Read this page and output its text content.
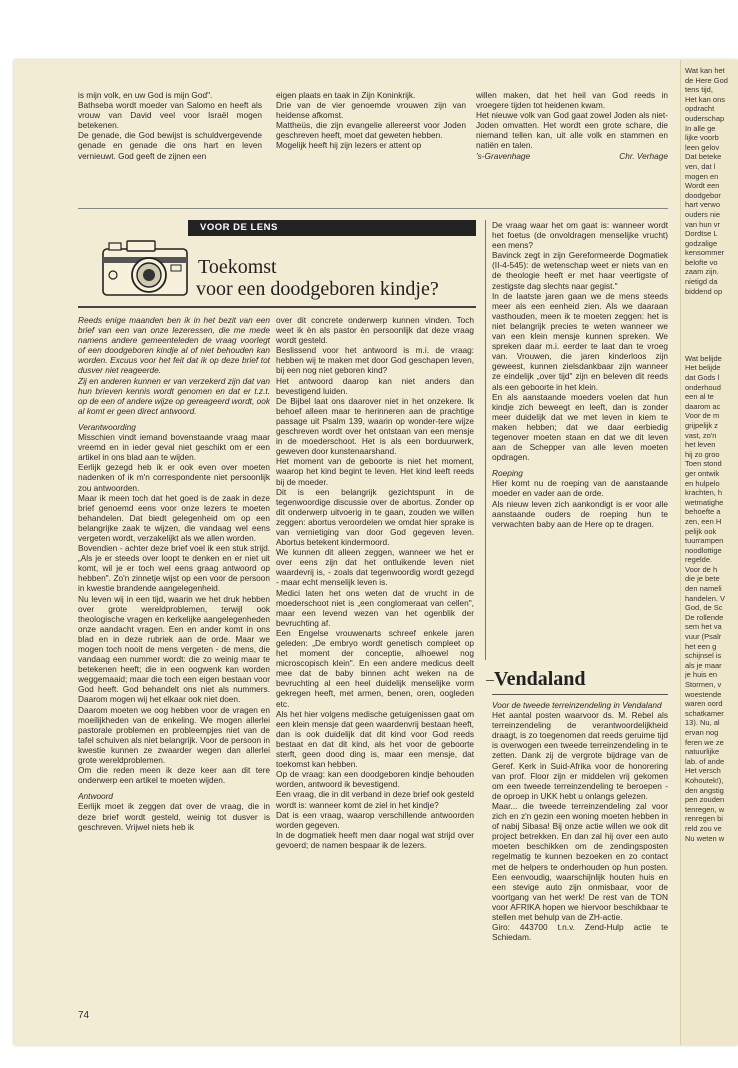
is mijn volk, en uw God is mijn God".

Bathseba wordt moeder van Salomo en heeft als vrouw van David veel voor Israël mogen betekenen.

De genade, die God bewijst is schuldvergevende genade en genade die ons hart en leven vernieuwt. God geeft de zijnen een

eigen plaats en taak in Zijn Koninkrijk.

Drie van de vier genoemde vrouwen zijn van heidense afkomst.

Mattheüs, die zijn evangelie allereerst voor Joden geschreven heeft, moet dat geweten hebben.

Mogelijk heeft hij zijn lezers er attent op

willen maken, dat het heil van God reeds in vroegere tijden tot heidenen kwam.

Het nieuwe volk van God gaat zowel Joden als niet-Joden omvatten. Het wordt een grote schare, die niemand tellen kan, uit alle volk en stammen en natiën en talen.

's-Gravenhage	Chr. Verhage
VOOR DE LENS
Toekomst
voor een doodgeboren kindje?

Reeds enige maanden ben ik in het bezit van een brief van een van onze lezeressen, die me mede namens andere gemeenteleden de vraag voorlegt of een doodgeboren kindje al of niet behouden kan worden. Excuus voor het feit dat ik op deze brief tot dusver niet reageerde.

Zij en anderen kunnen er van verzekerd zijn dat van hun brieven kennis wordt genomen en dat er t.z.t. op de een of andere wijze op gereageerd wordt, ook al komt er geen direct antwoord.

Verantwoording

Misschien vindt iemand bovenstaande vraag maar vreemd en in ieder geval niet geschikt om er een artikel in ons blad aan te wijden.

Eerlijk gezegd heb ik er ook even over moeten nadenken of ik m'n correspondente niet persoonlijk zou antwoorden.

Maar ik meen toch dat het goed is de zaak in deze brief genoemd eens voor onze lezers te moeten behandelen. Dat biedt gelegenheid om op een belangrijke zaak te wijzen, die vandaag wel eens vergeten wordt, verzakelijkt als we allen worden.

Bovendien - achter deze brief voel ik een stuk strijd. „Als je er steeds over loopt te denken en er niet uit komt, wil je er toch wel eens graag antwoord op hebben". Zo'n zinnetje wijst op een voor de persoon in kwestie brandende aangelegenheid.

Nu leven wij in een tijd, waarin we het druk hebben over grote wereldproblemen, terwijl ook theologische vragen en kerkelijke aangelegenheden onze aandacht vragen. Een en ander komt in ons blad en in deze rubriek aan de orde. Maar we mogen toch nooit de mens vergeten - de mens, die vandaag een nummer wordt: die zo weinig maar te betekenen heeft; die in een oogwenk kan worden weggemaaid; maar die toch een eigen bestaan voor God heeft. God behandelt ons niet als nummers. Daarom mogen wij het elkaar ook niet doen.

Daarom moeten we oog hebben voor de vragen en moeilijkheden van de enkeling. We mogen allerlei pastorale problemen en probleempjes niet van de tafel schuiven als niet belangrijk. Voor de persoon in kwestie kunnen ze zwaarder wegen dan allerlei grote wereldproblemen.

Om die reden meen ik deze keer aan dit tere onderwerp een artikel te moeten wijden.

Antwoord

Eerlijk moet ik zeggen dat over de vraag, die in deze brief wordt gesteld, weinig tot dusver is geschreven. Vrijwel niets heb ik

over dit concrete onderwerp kunnen vinden. Toch weet ik èn als pastor èn persoonlijk dat deze vraag wordt gesteld.

Beslissend voor het antwoord is m.i. de vraag: hebben wij te maken met door God geschapen leven, bij een nog niet geboren kind?

Het antwoord daarop kan niet anders dan bevestigend luiden.

De Bijbel laat ons daarover niet in het onzekere. Ik behoef alleen maar te herinneren aan de prachtige passage uit Psalm 139, waarin op wonder-tere wijze geschreven wordt over het ontstaan van een mensje in de moederschoot. Het is als een borduurwerk, geweven door kunstenaarshand.

Het moment van de geboorte is niet het moment, waarop het kind begint te leven. Het kind leeft reeds bij de moeder.

Dit is een belangrijk gezichtspunt in de tegenwoordige discussie over de abortus. Zonder op dit onderwerp uitvoerig in te gaan, zouden we willen zeggen: abortus veroordelen we omdat hier sprake is van vernietiging van door God gegeven leven. Abortus betekent kindermoord.

We kunnen dit alleen zeggen, wanneer we het er over eens zijn dat het ontluikende leven niet waardevrij is, - zoals dat tegenwoordig wordt gezegd - maar echt menselijk leven is.

Medici laten het ons weten dat de vrucht in de moederschoot niet is „een conglomeraat van cellen", maar een levend wezen van het ogenblik der bevruchting af.

Een Engelse vrouwenarts schreef enkele jaren geleden: „De embryo wordt genetisch compleet op het moment der conceptie, alhoewel nog microscopisch klein". En een andere medicus deelt mee dat de baby binnen acht weken na de bevruchting al een heel duidelijk menselijke vorm gekregen heeft, met armen, benen, oren, ooglеden etc.

Als het hier volgens medische getuigenissen gaat om een klein mensje dat geen waardenvrij bestaan heeft, dan is ook duidelijk dat dit kind voor God reeds bestaat en dat dit kind, als het voor de geboorte sterft, geen dood ding is, maar een mensje, dat toekomst kan hebben.

Op de vraag: kan een doodgeboren kindje behouden worden, antwoord ik bevestigend.

Een vraag, die in dit verband in deze brief ook gesteld wordt is: wanneer komt de ziel in het kindje?

Dat is een vraag, waarop verschillende antwoorden worden gegeven.

In de dogmatiek heeft men daar nogal wat strijd over gevoerd; de namen bespaar ik de lezers.

De vraag waar het om gaat is: wanneer wordt het foetus (de onvoldragen menselijke vrucht) een mens?

Bavinck zegt in zijn Gereformeerde Dogmatiek (II-4-545): de wetenschap weet er niets van en de theologie heeft er met haar veertigste of zestigste dag slechts naar gegist."

In de laatste jaren gaan we de mens steeds meer als een eenheid zien. Als we daaraan vasthouden, meen ik te moeten zeggen: het is niet belangrijk precies te weten wanneer we van een klein mensje kunnen spreken. We spreken daar m.i. eerder te laat dan te vroeg van. Vrouwen, die jaren kinderloos zijn geweest, kunnen zielsdankbaar zijn wanneer ze eindelijk „over tijd" zijn en beleven dit reeds als een geboorte in het klein.

En als aanstaande moeders voelen dat hun kindje zich beweegt en leeft, dan is zonder meer duidelijk dat we met leven in kiem te maken hebben; dat we daar eerbiedig tegenover moeten staan en dat we dit leven aan de Schepper van alle leven moeten opdragen.

Roeping

Hier komt nu de roeping van de aanstaande moeder en vader aan de orde.

Als nieuw leven zich aankondigt is er voor alle aanstaande ouders de roeping hun te verwachten baby aan de Here op te dragen.

Vendaland

Voor de tweede terreinzendeling in Vendaland

Het aantal posten waarvoor ds. M. Rebel als terreinzendeling de verantwoordelijkheid draagt, is zo toegenomen dat reeds geruime tijd is overwogen een tweede terreinzendeling in te zetten. Dank zij de vergrote bijdrage van de Geref. Kerk in Suid-Afrika voor de honorering van prof. Floor zijn er middelen vrij gekomen om een tweede terreinzendeling te beroepen - de oproep in UKK hebt u onlangs gelezen.

Maar... die tweede terreinzendeling zal voor zich en z'n gezin een woning moeten hebben in of nabij Sibasa! Bij onze actie willen we ook dit project betrekken. En dan zal hij over een auto moeten beschikken om de zendingsposten regelmatig te kunnen bezoeken en zo contact met de helpers te onderhouden op hun posten. Een eenvoudig, waarschijnlijk houten huis en een stevige auto zijn onmisbaar, voor de voortgang van het werk! De rest van de TON voor AFRIKA hopen we hiervoor beschikbaar te stellen met behulp van de ZH-actie.

Giro: 443700 t.n.v. Zend-Hulp actie te Schiedam.

74
Wat kan het
de Here God
tens tijd,
Het kan ons
opdracht
ouderschap
In alle ge
lijke voorb
leen gelov
Dat beteke
ven, dat l
mogen en
Wordt een
doodgebor
hart verwo
ouders nie
van hun vr
Dordtse L
godzalige
kensommer
belofte vo
zaam zijn.
nietigd da
biddend op
Wat belijde
Het belijde
dat Gods l
onderhoud
een al te
daarom ac
Voor de m
grijpelijk z
vast, zo'n
het leven
hij zo groo
Toen stond
ger ontwik
en hulpelo
krachten, h
wetmatighe
behoefte a
zen, een H
pelijk ook
tuurrampen
noodlottige
regelde.
Voor de h
die je bete
den nameli
handelen. V
God, de Sc
De rollende
sem het va
vuur (Psalr
het een g
schijnsel is
als je maar
je huis en
Stormen, v
woestende
waren oord
schatkamer
13). Nu, al
ervan nog
feren we ze
natuurlijke
lab. of ande
Het versch
Kohoutek!),
den angstig
pen zouden
tenregen, w
renregen bi
reld zou ve
Nu weten w
